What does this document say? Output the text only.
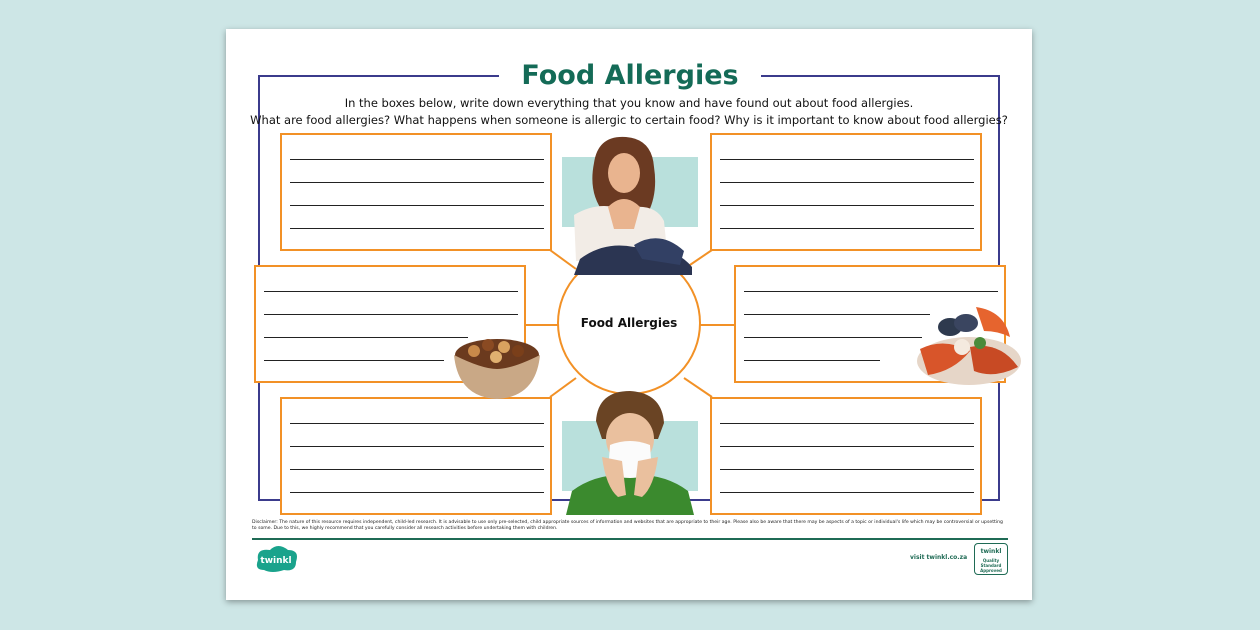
Food Allergies
In the boxes below, write down everything that you know and have found out about food allergies.
What are food allergies? What happens when someone is allergic to certain food? Why is it important to know about food allergies?
Food Allergies
Disclaimer: The nature of this resource requires independent, child-led research. It is advisable to use only pre-selected, child appropriate sources of information and websites that are appropriate to their age. Please also be aware that there may be aspects of a topic or individual's life which may be controversial or upsetting to some. Due to this, we highly recommend that you carefully consider all research activities before undertaking them with children.
twinkl	visit twinkl.co.za
twinkl
Quality Standard Approved
